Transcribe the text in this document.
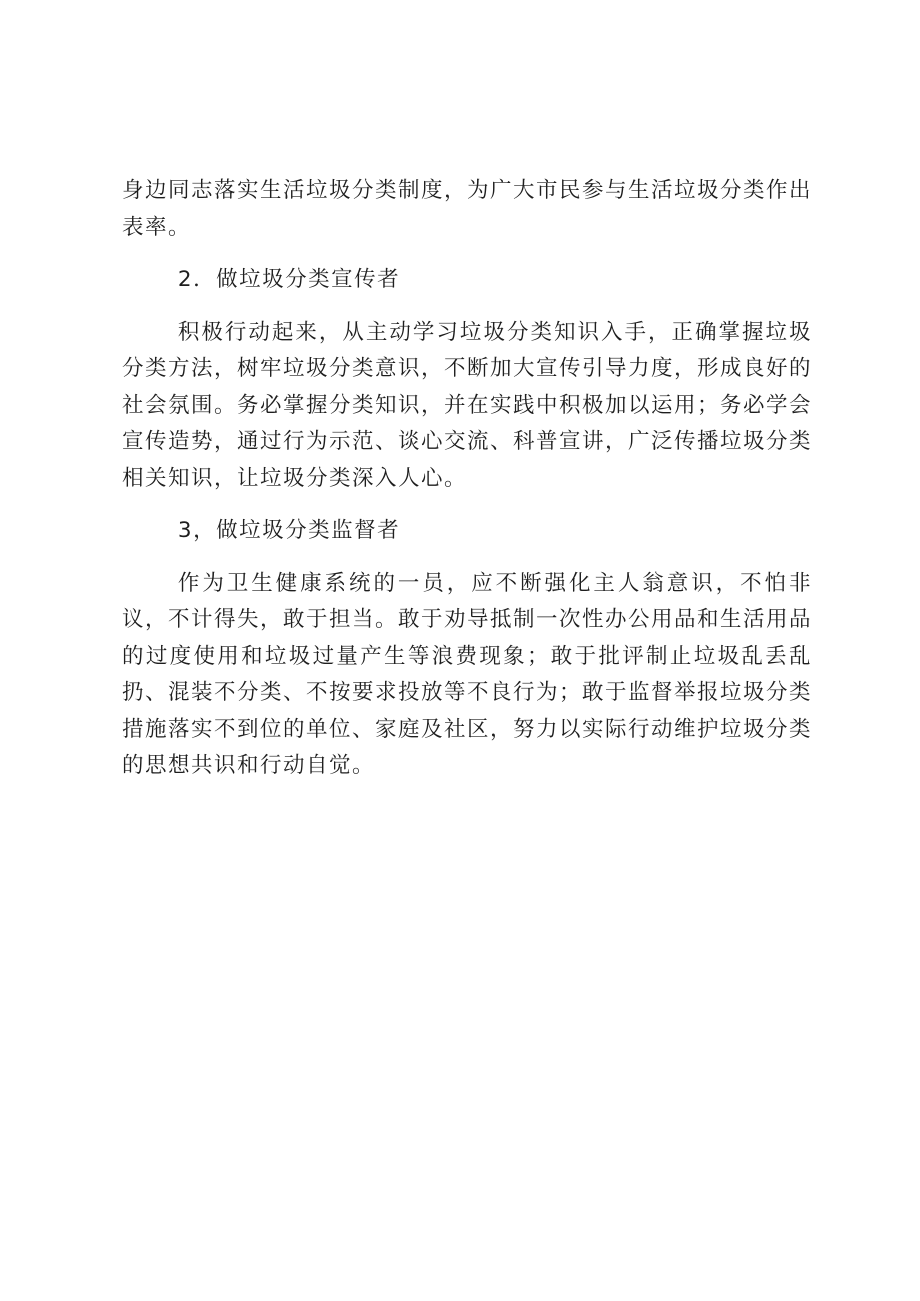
身边同志落实生活垃圾分类制度，为广大市民参与生活垃圾分类作出表率。

2．做垃圾分类宣传者

积极行动起来，从主动学习垃圾分类知识入手，正确掌握垃圾分类方法，树牢垃圾分类意识，不断加大宣传引导力度，形成良好的社会氛围。务必掌握分类知识，并在实践中积极加以运用；务必学会宣传造势，通过行为示范、谈心交流、科普宣讲，广泛传播垃圾分类相关知识，让垃圾分类深入人心。

3，做垃圾分类监督者

作为卫生健康系统的一员，应不断强化主人翁意识，不怕非议，不计得失，敢于担当。敢于劝导抵制一次性办公用品和生活用品的过度使用和垃圾过量产生等浪费现象；敢于批评制止垃圾乱丢乱扔、混装不分类、不按要求投放等不良行为；敢于监督举报垃圾分类措施落实不到位的单位、家庭及社区，努力以实际行动维护垃圾分类的思想共识和行动自觉。
